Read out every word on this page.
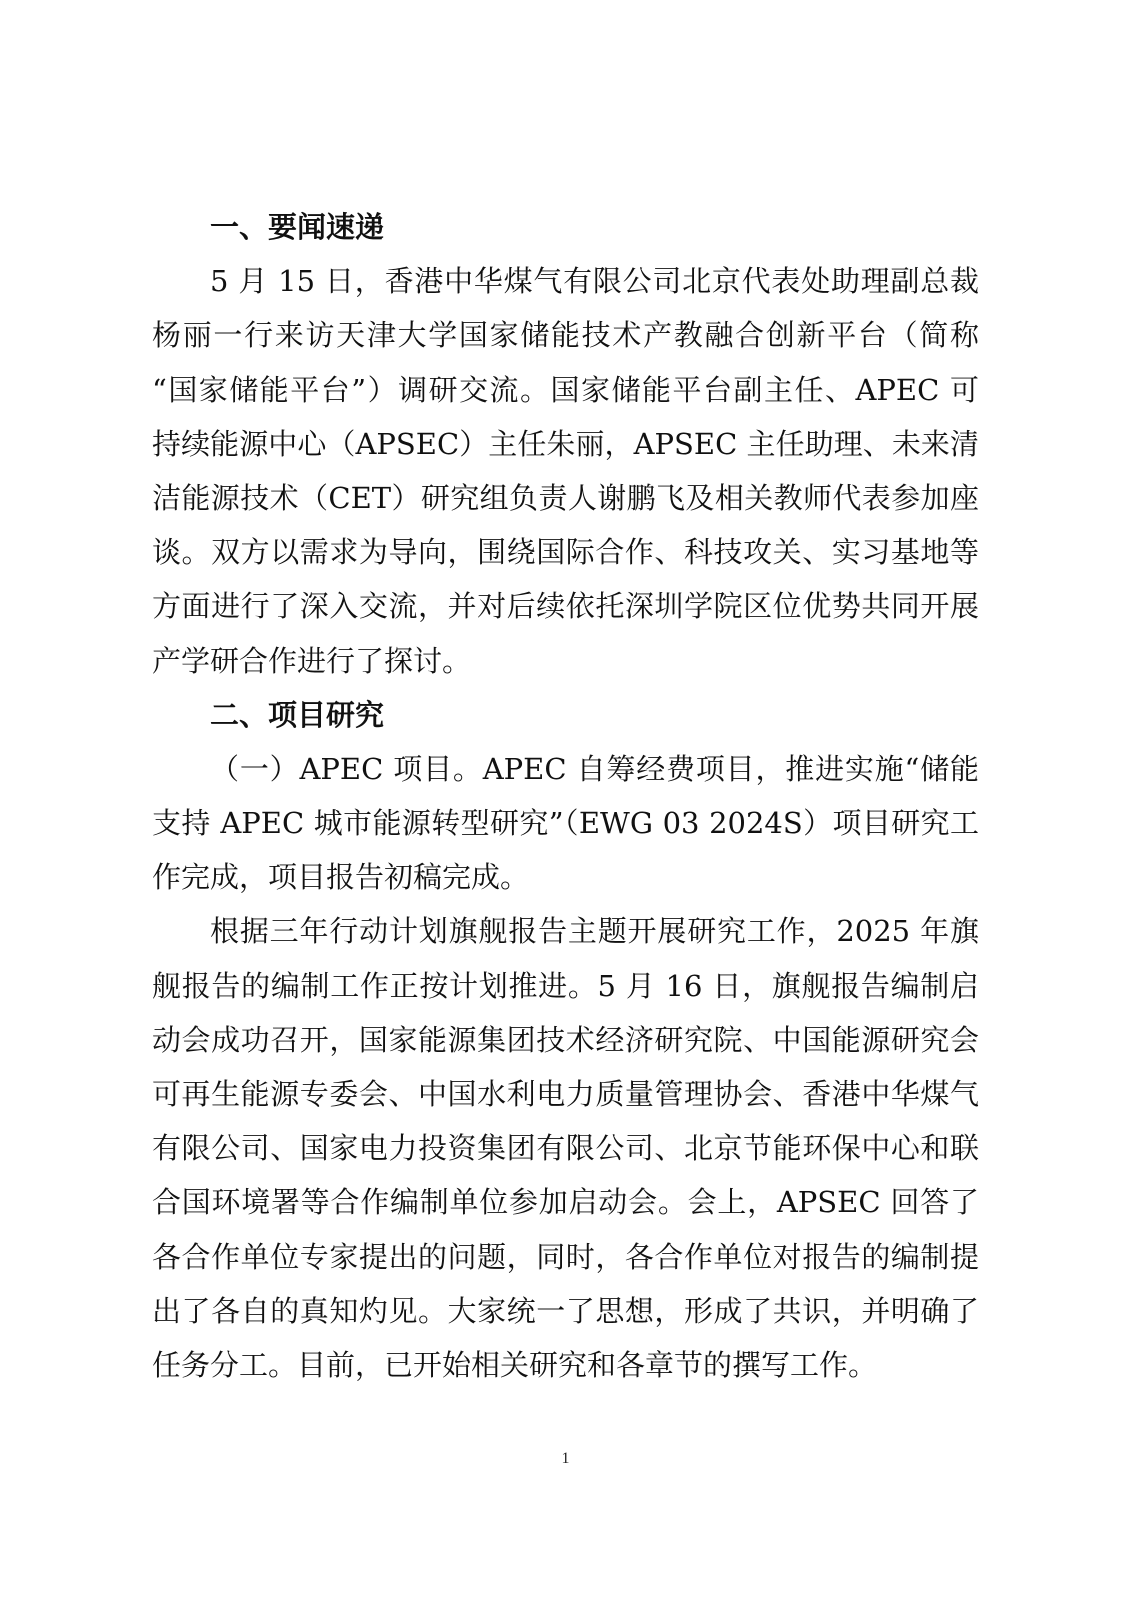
一、要闻速递
5 月 15 日，香港中华煤气有限公司北京代表处助理副总裁
杨丽一行来访天津大学国家储能技术产教融合创新平台（简称
“国家储能平台”）调研交流。国家储能平台副主任、APEC 可
持续能源中心（APSEC）主任朱丽，APSEC 主任助理、未来清
洁能源技术（CET）研究组负责人谢鹏飞及相关教师代表参加座
谈。双方以需求为导向，围绕国际合作、科技攻关、实习基地等
方面进行了深入交流，并对后续依托深圳学院区位优势共同开展
产学研合作进行了探讨。
二、项目研究
（一）APEC 项目。APEC 自筹经费项目，推进实施“储能
支持 APEC 城市能源转型研究”（EWG 03 2024S）项目研究工
作完成，项目报告初稿完成。
根据三年行动计划旗舰报告主题开展研究工作，2025 年旗
舰报告的编制工作正按计划推进。5 月 16 日，旗舰报告编制启
动会成功召开，国家能源集团技术经济研究院、中国能源研究会
可再生能源专委会、中国水利电力质量管理协会、香港中华煤气
有限公司、国家电力投资集团有限公司、北京节能环保中心和联
合国环境署等合作编制单位参加启动会。会上，APSEC 回答了
各合作单位专家提出的问题，同时，各合作单位对报告的编制提
出了各自的真知灼见。大家统一了思想，形成了共识，并明确了
任务分工。目前，已开始相关研究和各章节的撰写工作。
1
